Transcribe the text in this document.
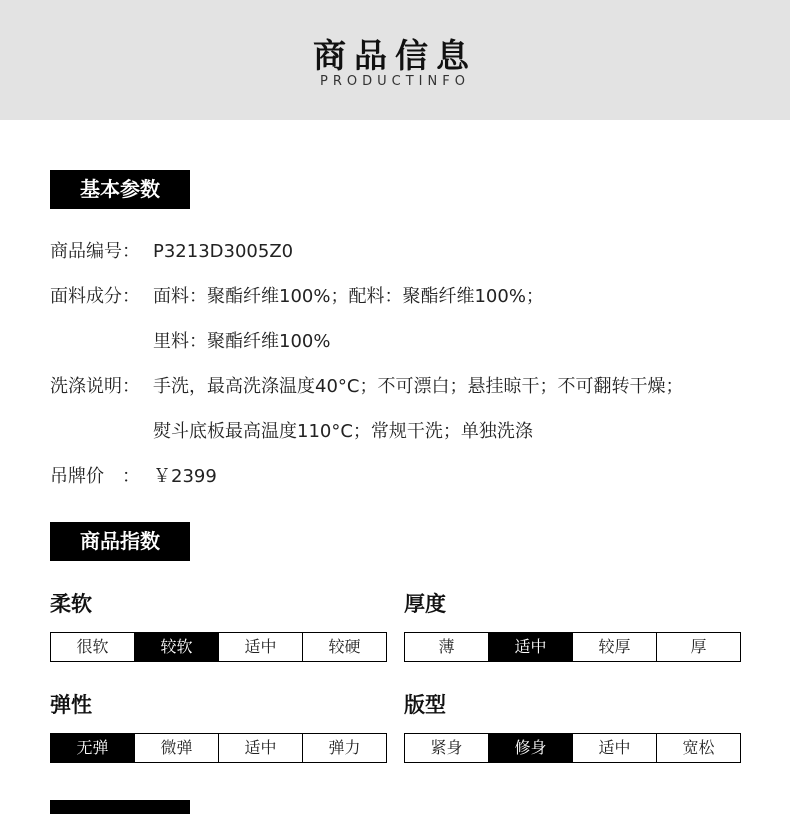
商品信息
PRODUCTINFO
基本参数
商品编号： P3213D3005Z0
面料成分： 面料：聚酯纤维100%；配料：聚酯纤维100%；
里料：聚酯纤维100%
洗涤说明： 手洗，最高洗涤温度40°C；不可漂白；悬挂晾干；不可翻转干燥；
熨斗底板最高温度110°C；常规干洗；单独洗涤
吊牌价　： ￥2399
商品指数
柔软
很软	较软	适中	较硬
厚度
薄	适中	较厚	厚
弹性
无弹	微弹	适中	弹力
版型
紧身	修身	适中	宽松
